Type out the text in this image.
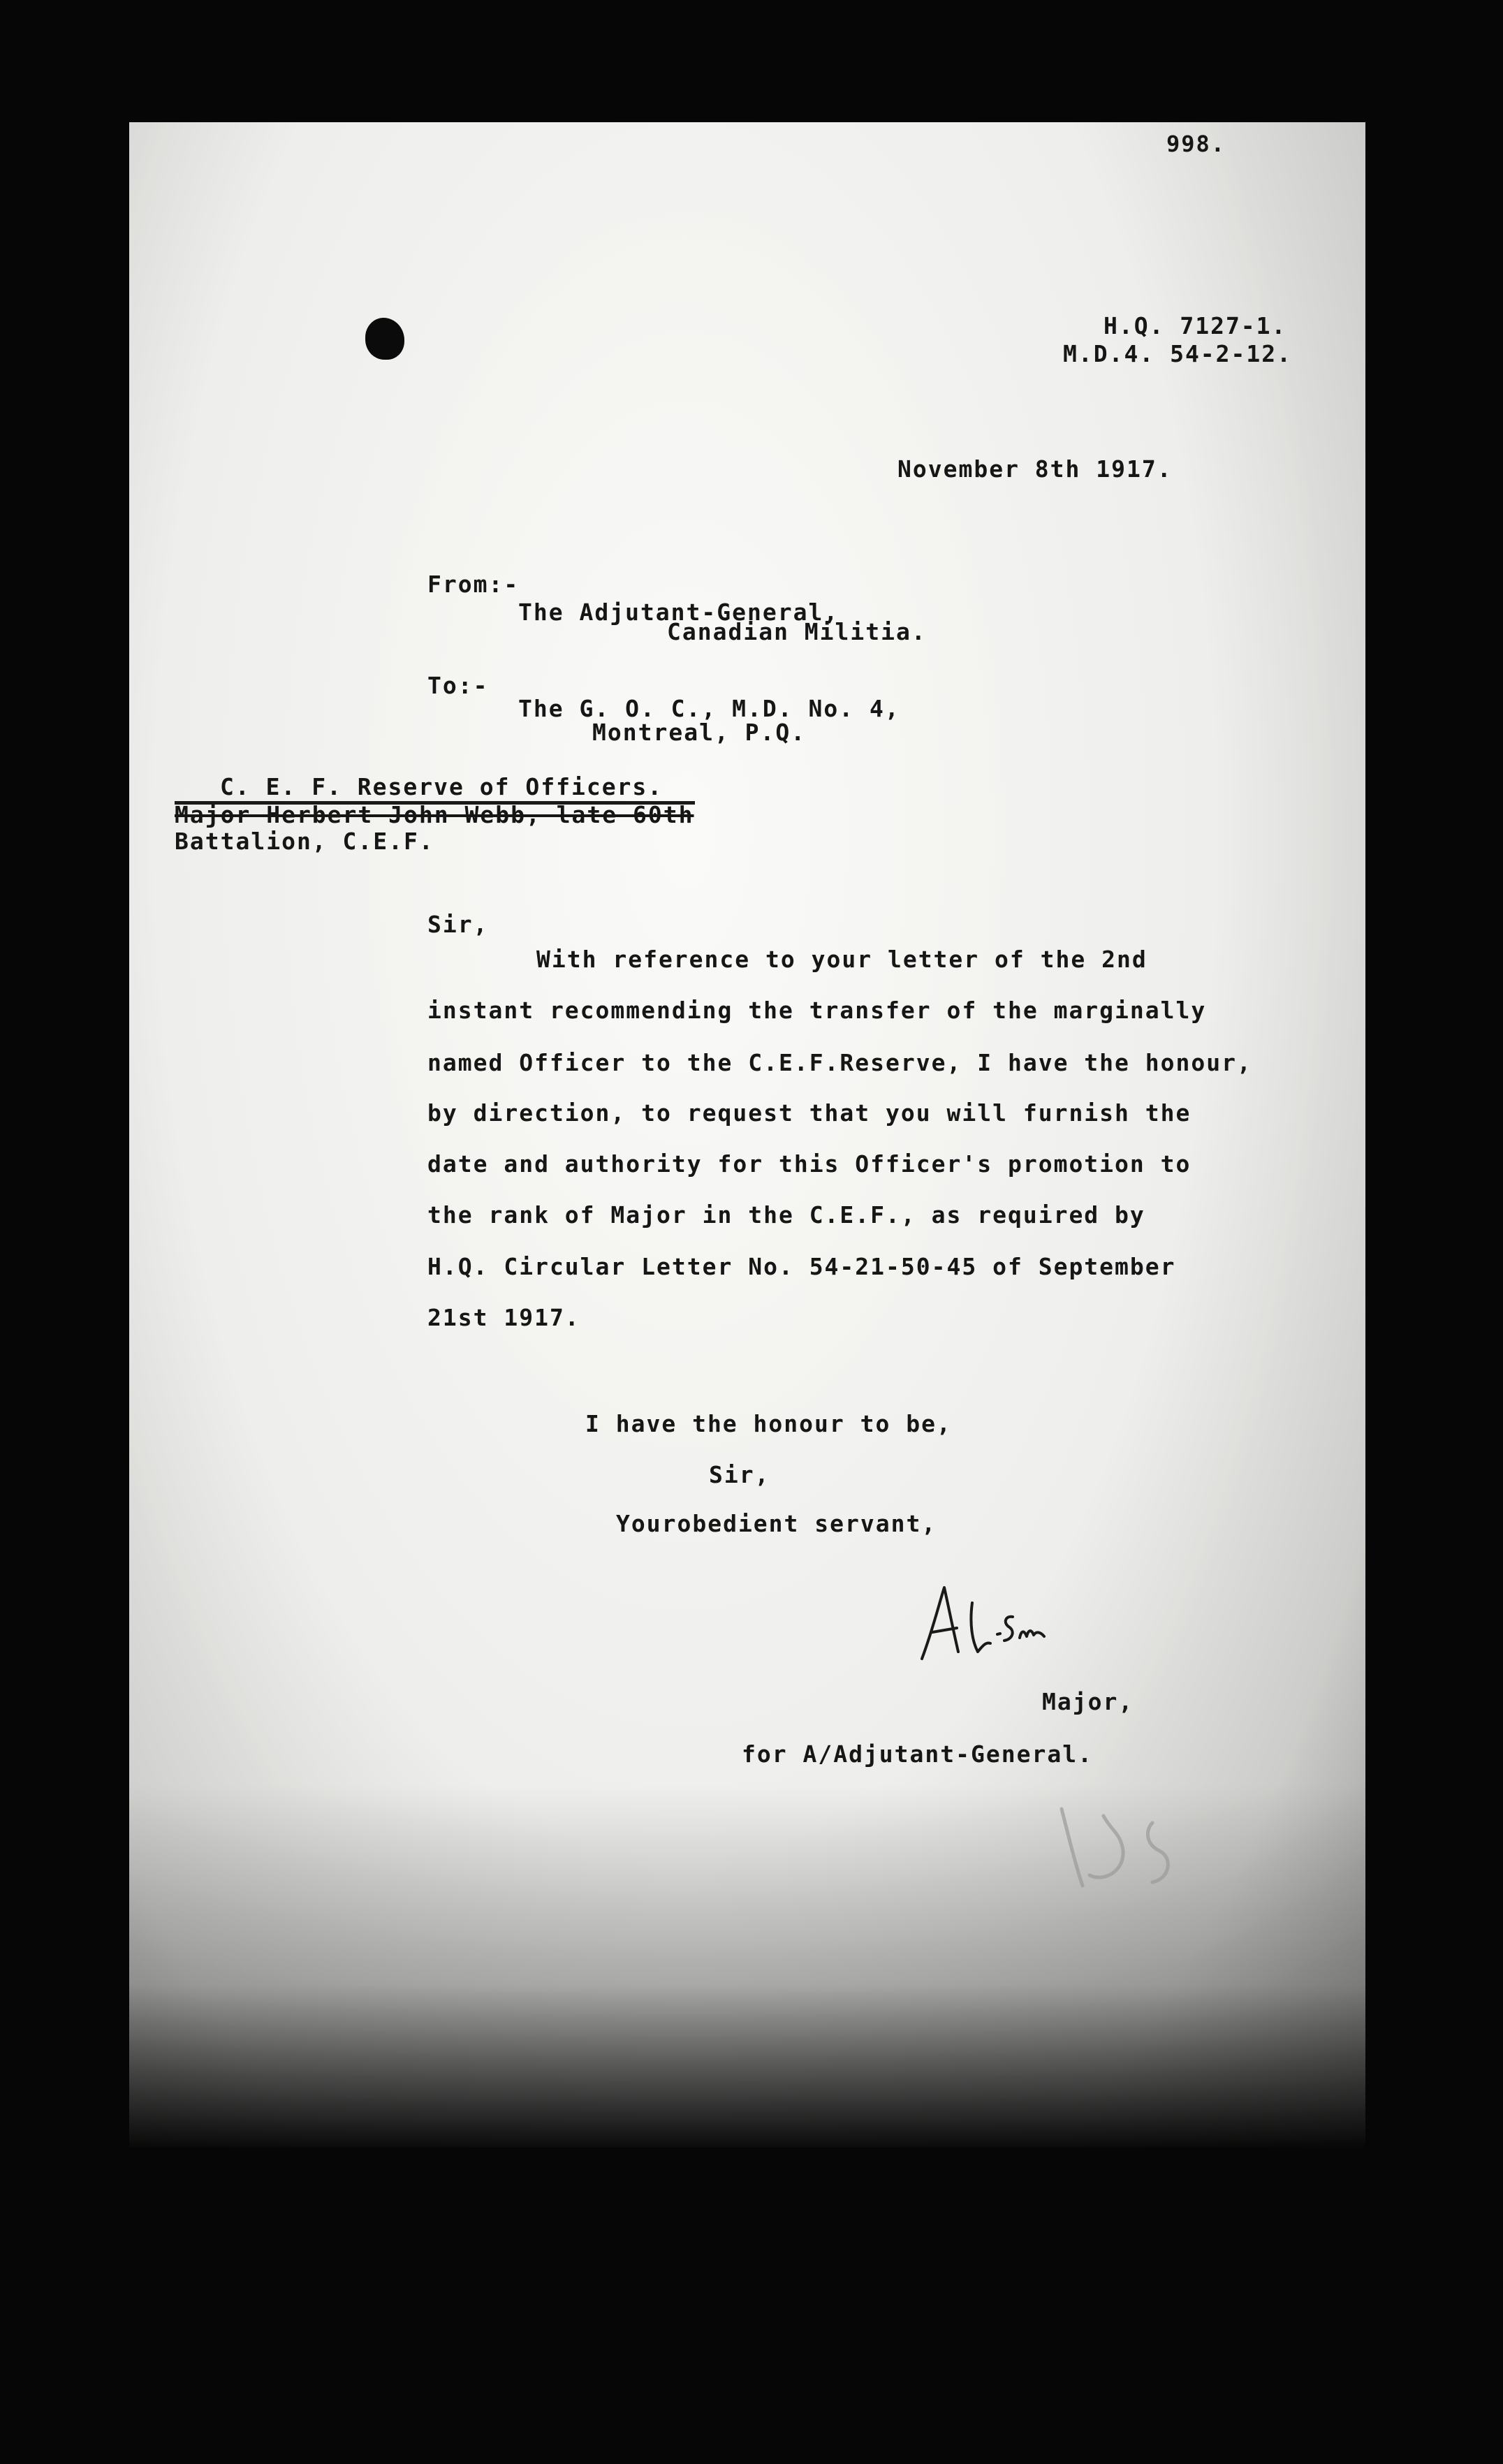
998.
H.Q. 7127-1.
M.D.4. 54-2-12.
November 8th 1917.
From:-
The Adjutant-General,
Canadian Militia.
To:-
The G. O. C., M.D. No. 4,
Montreal, P.Q.
C. E. F. Reserve of Officers.
Major Herbert John Webb, late 60th
Battalion, C.E.F.
Sir,
With reference to your letter of the 2nd
instant recommending the transfer of the marginally
named Officer to the C.E.F.Reserve, I have the honour,
by direction, to request that you will furnish the
date and authority for this Officer's promotion to
the rank of Major in the C.E.F., as required by
H.Q. Circular Letter No. 54-21-50-45 of September
21st 1917.
I have the honour to be,
Sir,
Yourobedient servant,
Major,
for A/Adjutant-General.
